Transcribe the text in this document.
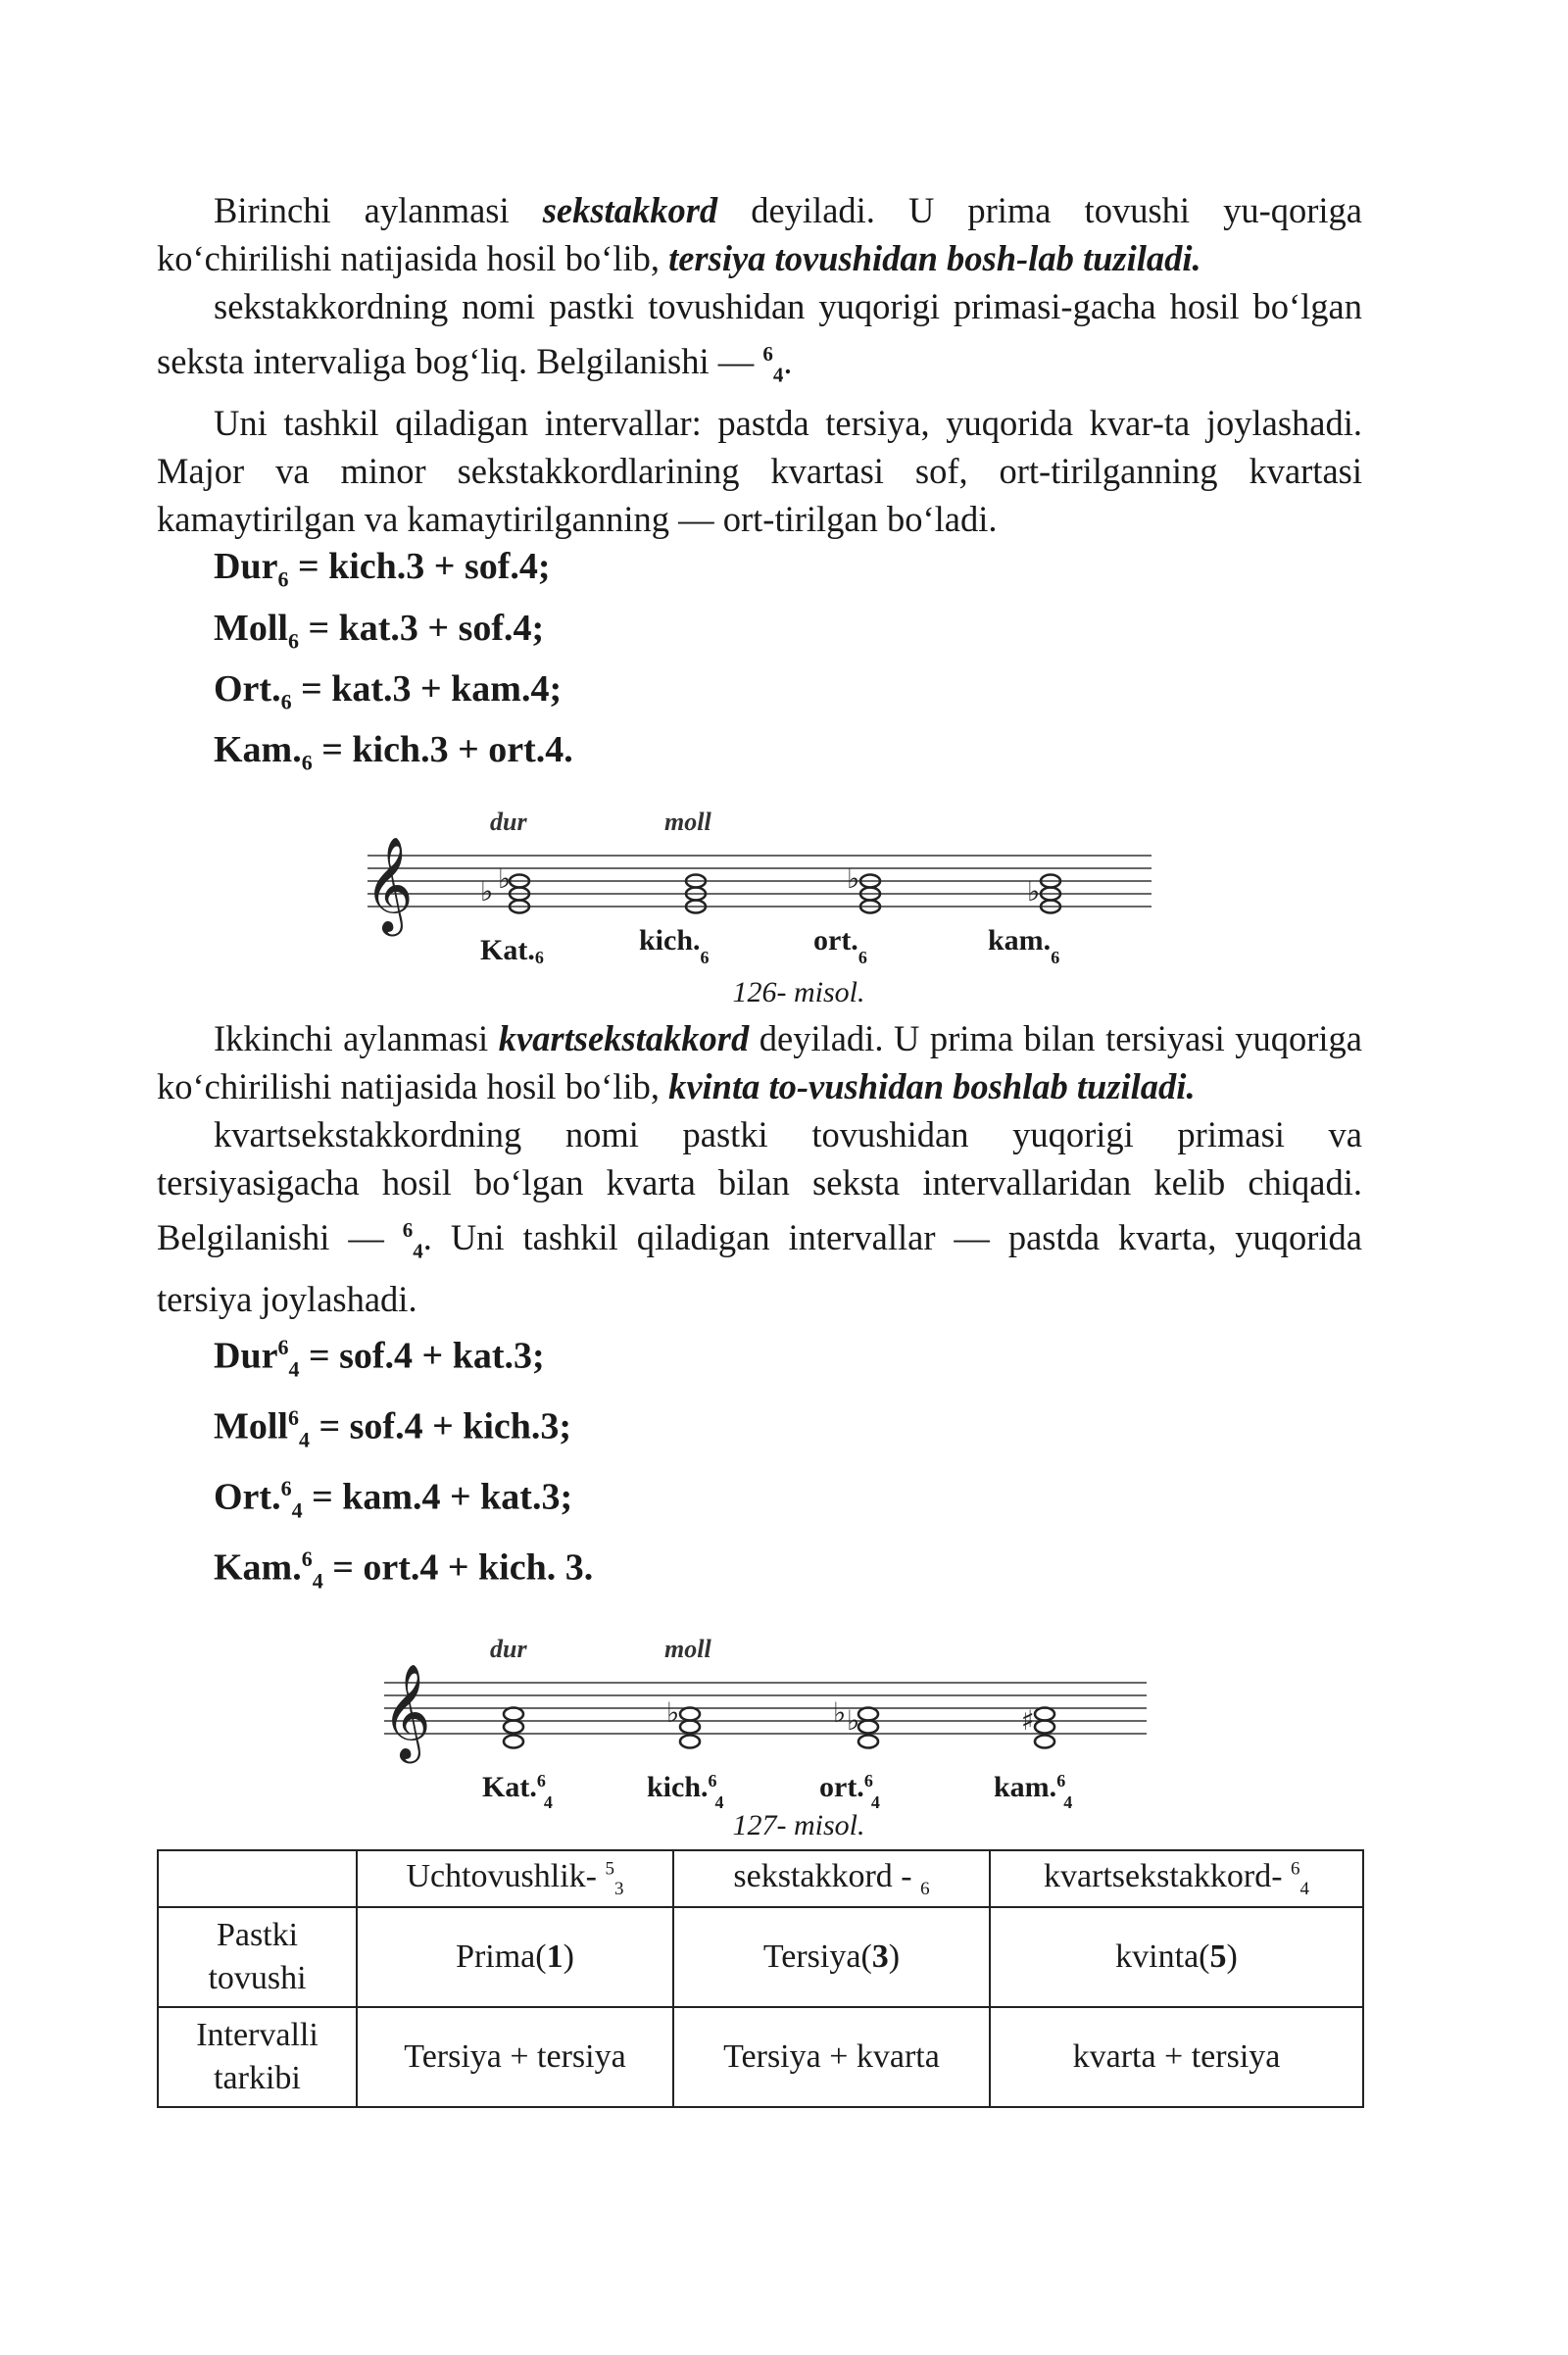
Birinchi aylanmasi sekstakkord deyiladi. U prima tovushi yu-qoriga ko‘chirilishi natijasida hosil bo‘lib, tersiya tovushidan bosh-lab tuziladi.

sekstakkordning nomi pastki tovushidan yuqorigi primasi-gacha hosil bo‘lgan seksta intervaliga bog‘liq. Belgilanishi — $^6_4$.

Uni tashkil qiladigan intervallar: pastda tersiya, yuqorida kvar-ta joylashadi. Major va minor sekstakkordlarining kvartasi sof, ort-tirilganning kvartasi kamaytirilgan va kamaytirilganning — ort-tirilgan bo‘ladi.

Dur$_6$ = kich.3 + sof.4;
Moll$_6$ = kat.3 + sof.4;
$Ort._6 = kat.3 + kam.4$;
$Kam._6$ = kich.3 + ort.4.
dur	moll
𝄞 ♭ ♭	♭	♭
Kat.6
$kich._6$
$ort._6$
$kam._6$
126- misol.

Ikkinchi aylanmasi kvartsekstakkord deyiladi. U prima bilan tersiyasi yuqoriga ko‘chirilishi natijasida hosil bo‘lib, kvinta to-vushidan boshlab tuziladi.

kvartsekstakkordning nomi pastki tovushidan yuqorigi primasi va tersiyasigacha hosil bo‘lgan kvarta bilan seksta intervallaridan kelib chiqadi. Belgilanishi — $^6_4$. Uni tashkil qiladigan intervallar — pastda kvarta, yuqorida tersiya joylashadi.

Dur$^6_4$ = sof.4 + kat.3;
Moll$^6_4$ = sof.4 + kich.3;
Ort.$^6_4$ = kam.4 + kat.3;
Kam.$^6_4$ = ort.4 + kich. 3.
dur	moll
𝄞	♭	♭ ♭	♯
Kat.$^6$ 4	kich.$^6$ 4	ort.$^6$ 4	kam.$^6$ 4
127- misol.
	Uchtovushlik- $^5_3$	sekstakkord - $_6$	kvartsekstakkord- $^6_4$
Pastki
tovushi	Prima(1)	Tersiya(3)	kvinta(5)
Intervalli
tarkibi	Tersiya + tersiya	Tersiya + kvarta	kvarta + tersiya
